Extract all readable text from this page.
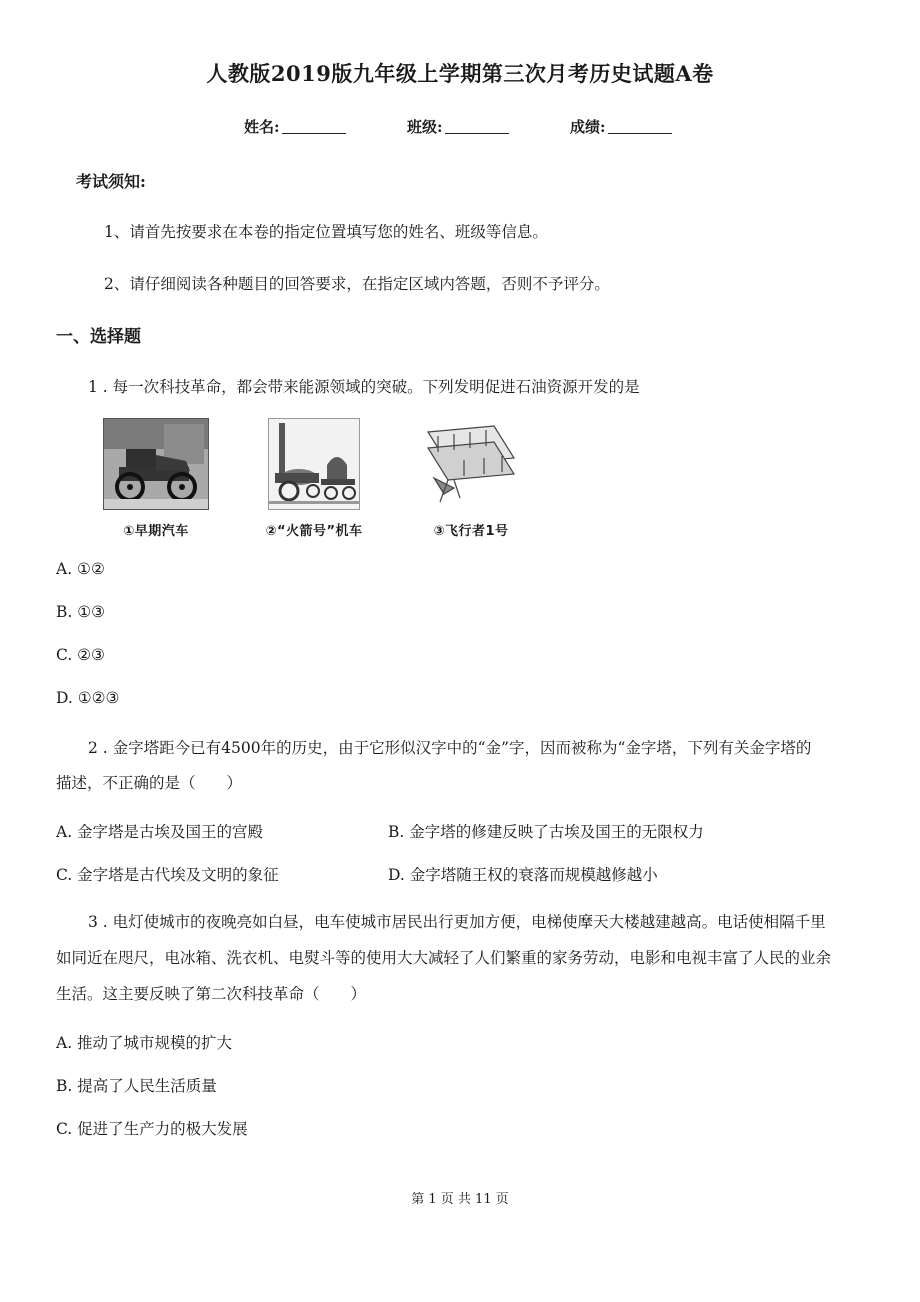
人教版2019版九年级上学期第三次月考历史试题A卷
姓名:	班级:	成绩:
考试须知:
1、请首先按要求在本卷的指定位置填写您的姓名、班级等信息。
2、请仔细阅读各种题目的回答要求，在指定区域内答题，否则不予评分。
一、选择题
1 . 每一次科技革命，都会带来能源领域的突破。下列发明促进石油资源开发的是
①早期汽车	②“火箭号”机车	③飞行者1号
A. ①②
B. ①③
C. ②③
D. ①②③
2 . 金字塔距今已有4500年的历史，由于它形似汉字中的“金”字，因而被称为“金字塔，下列有关金字塔的
描述，不正确的是（　　）
A. 金字塔是古埃及国王的宫殿	B. 金字塔的修建反映了古埃及国王的无限权力
C. 金字塔是古代埃及文明的象征	D. 金字塔随王权的衰落而规模越修越小
3 . 电灯使城市的夜晚亮如白昼，电车使城市居民出行更加方便，电梯使摩天大楼越建越高。电话使相隔千里
如同近在咫尺，电冰箱、洗衣机、电熨斗等的使用大大减轻了人们繁重的家务劳动，电影和电视丰富了人民的业余
生活。这主要反映了第二次科技革命（　　）
A. 推动了城市规模的扩大
B. 提高了人民生活质量
C. 促进了生产力的极大发展
第 1 页 共 11 页
